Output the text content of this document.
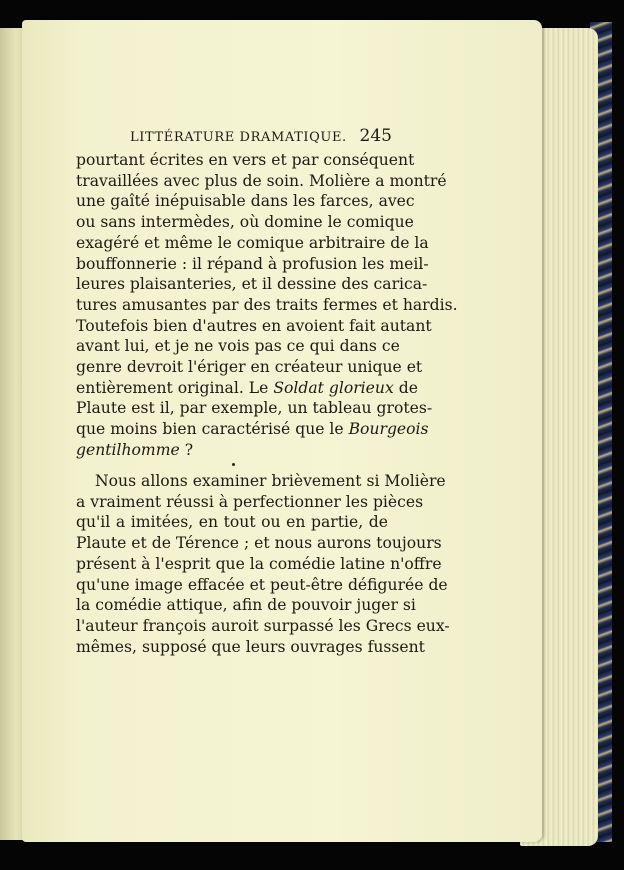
LITTÉRATURE DRAMATIQUE. 245
pourtant écrites en vers et par conséquent
travaillées avec plus de soin. Molière a montré
une gaîté inépuisable dans les farces, avec
ou sans intermèdes, où domine le comique
exagéré et même le comique arbitraire de la
bouffonnerie : il répand à profusion les meil-
leures plaisanteries, et il dessine des carica-
tures amusantes par des traits fermes et hardis.
Toutefois bien d'autres en avoient fait autant
avant lui, et je ne vois pas ce qui dans ce
genre devroit l'ériger en créateur unique et
entièrement original. Le Soldat glorieux de
Plaute est il, par exemple, un tableau grotes-
que moins bien caractérisé que le Bourgeois
gentilhomme ?
Nous allons examiner brièvement si Molière
a vraiment réussi à perfectionner les pièces
qu'il a imitées, en tout ou en partie, de
Plaute et de Térence ; et nous aurons toujours
présent à l'esprit que la comédie latine n'offre
qu'une image effacée et peut-être défigurée de
la comédie attique, afin de pouvoir juger si
l'auteur françois auroit surpassé les Grecs eux-
mêmes, supposé que leurs ouvrages fussent
